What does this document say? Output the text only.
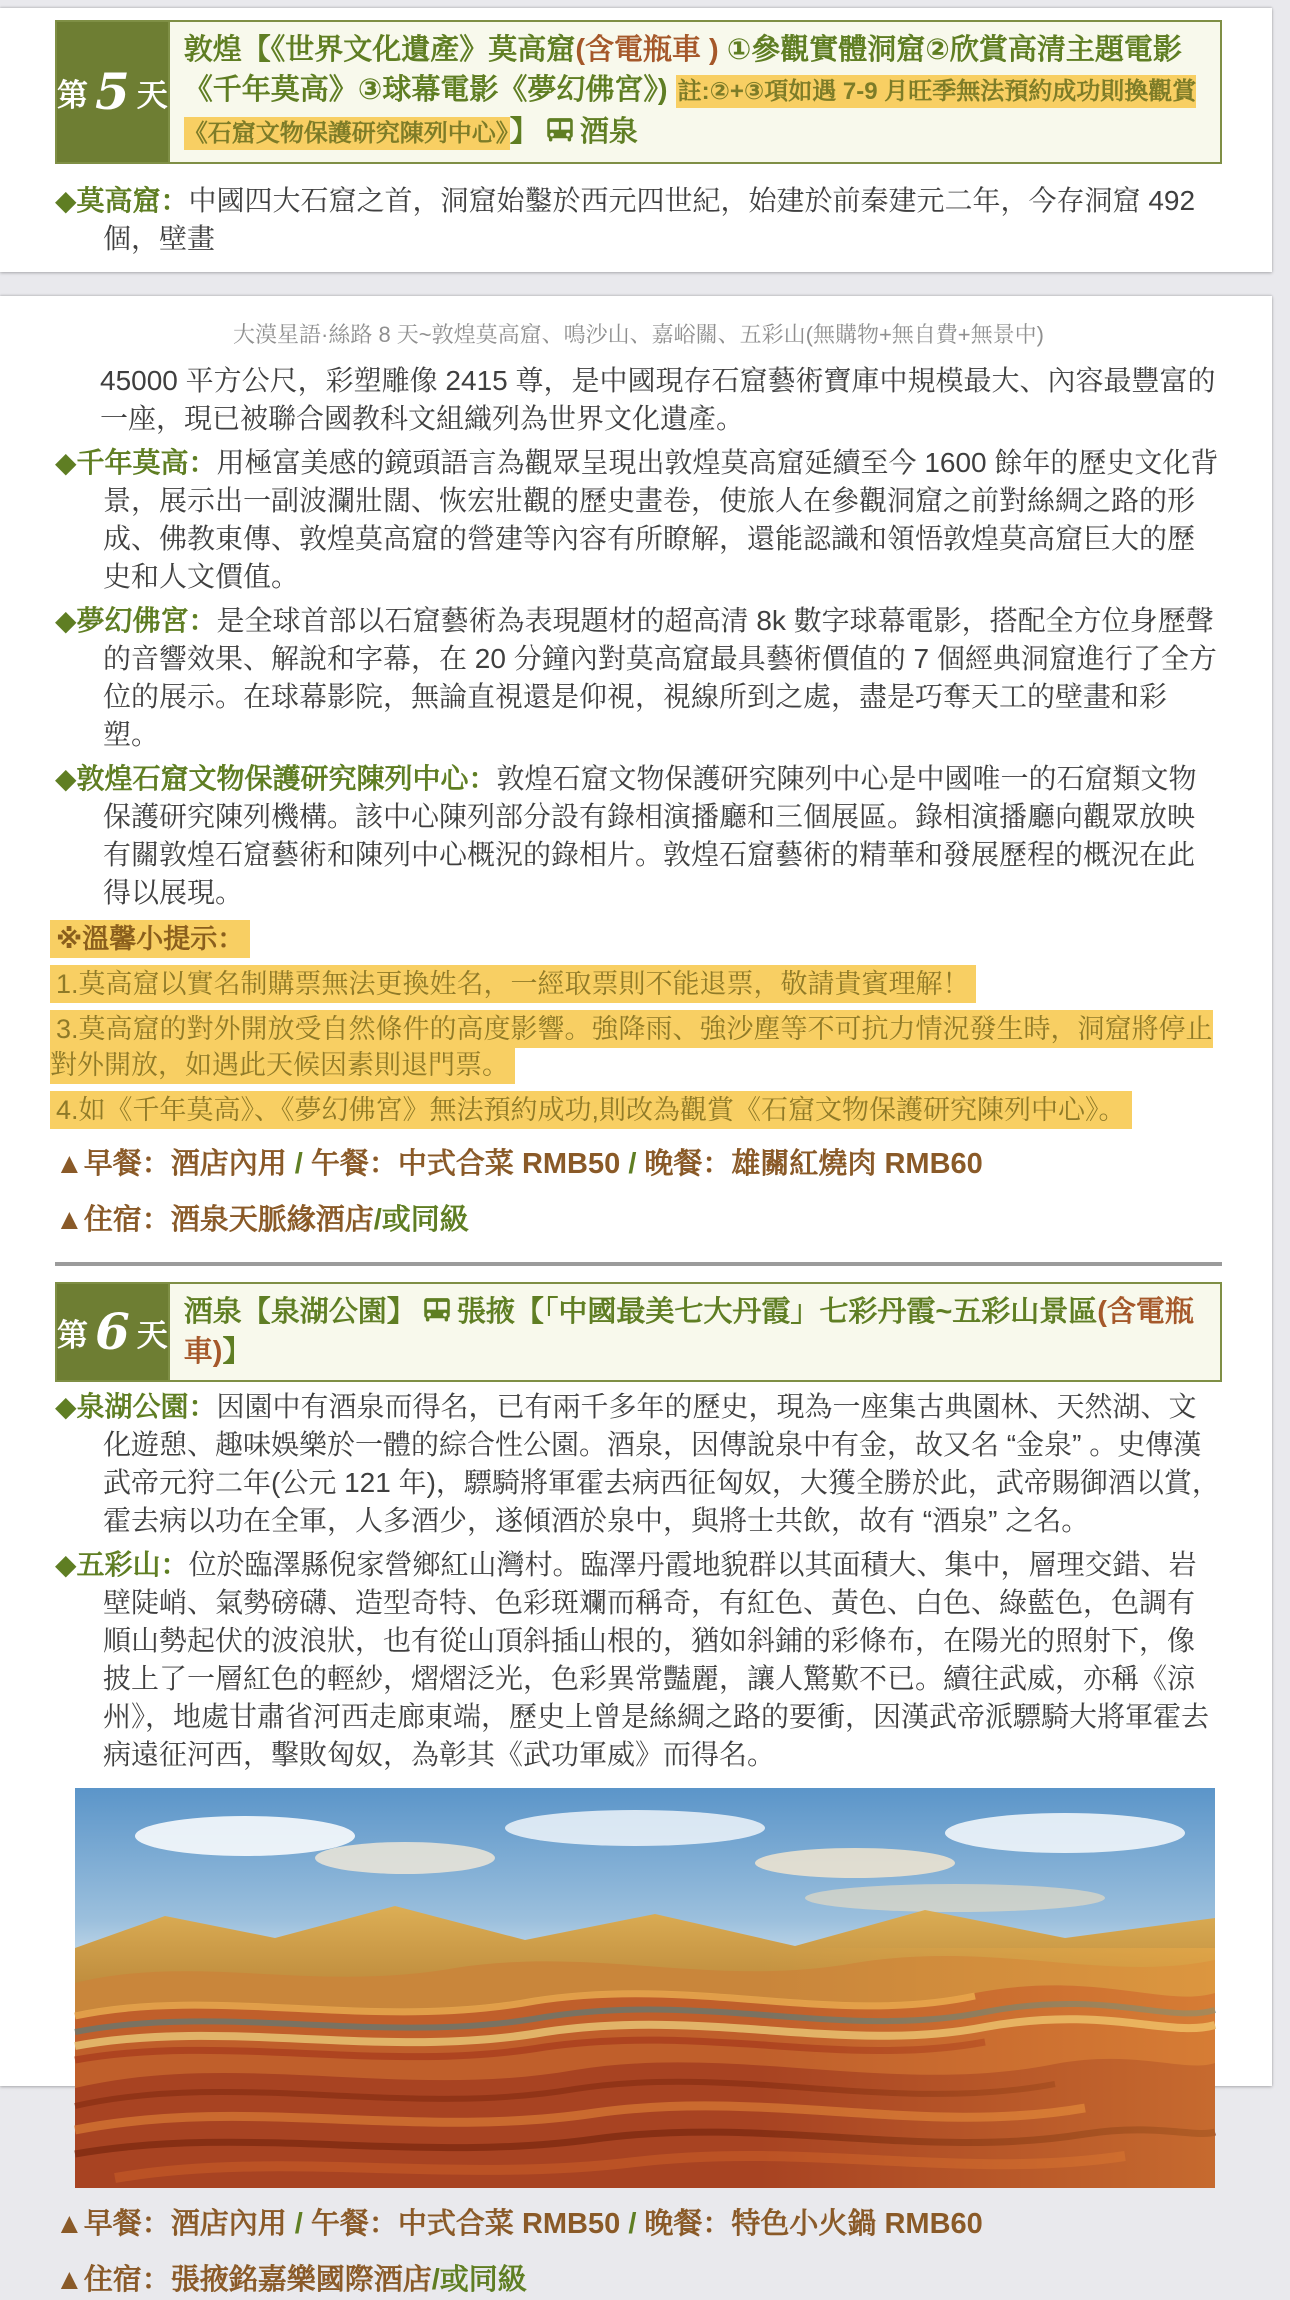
第 5 天
敦煌【《世界文化遺產》莫高窟(含電瓶車 ) ①參觀實體洞窟②欣賞高清主題電影《千年莫高》③球幕電影《夢幻佛宮》) 註:②+③項如遇 7-9 月旺季無法預約成功則換觀賞《石窟文物保護研究陳列中心》】 酒泉

◆莫高窟：中國四大石窟之首，洞窟始鑿於西元四世紀，始建於前秦建元二年，今存洞窟 492 個，壁畫

大漠星語·絲路 8 天~敦煌莫高窟、鳴沙山、嘉峪關、五彩山(無購物+無自費+無景中)

45000 平方公尺，彩塑雕像 2415 尊，是中國現存石窟藝術寶庫中規模最大、內容最豐富的一座，現已被聯合國教科文組織列為世界文化遺產。

◆千年莫高：用極富美感的鏡頭語言為觀眾呈現出敦煌莫高窟延續至今 1600 餘年的歷史文化背景，展示出一副波瀾壯闊、恢宏壯觀的歷史畫卷，使旅人在參觀洞窟之前對絲綢之路的形成、佛教東傳、敦煌莫高窟的營建等內容有所瞭解，還能認識和領悟敦煌莫高窟巨大的歷史和人文價值。

◆夢幻佛宮：是全球首部以石窟藝術為表現題材的超高清 8k 數字球幕電影，搭配全方位身歷聲的音響效果、解說和字幕，在 20 分鐘內對莫高窟最具藝術價值的 7 個經典洞窟進行了全方位的展示。在球幕影院，無論直視還是仰視，視線所到之處，盡是巧奪天工的壁畫和彩塑。

◆敦煌石窟文物保護研究陳列中心：敦煌石窟文物保護研究陳列中心是中國唯一的石窟類文物保護研究陳列機構。該中心陳列部分設有錄相演播廳和三個展區。錄相演播廳向觀眾放映有關敦煌石窟藝術和陳列中心概況的錄相片。敦煌石窟藝術的精華和發展歷程的概況在此得以展現。

※溫馨小提示：
1.莫高窟以實名制購票無法更換姓名，一經取票則不能退票，敬請貴賓理解！
3.莫高窟的對外開放受自然條件的高度影響。強降雨、強沙塵等不可抗力情況發生時，洞窟將停止對外開放，如遇此天候因素則退門票。
4.如《千年莫高》、《夢幻佛宮》無法預約成功,則改為觀賞《石窟文物保護研究陳列中心》。

▲早餐：酒店內用 / 午餐：中式合菜 RMB50 / 晚餐：雄關紅燒肉 RMB60

▲住宿：酒泉天脈緣酒店/或同級

第 6 天
酒泉【泉湖公園】 張掖【「中國最美七大丹霞」七彩丹霞~五彩山景區(含電瓶車)】

◆泉湖公園：因園中有酒泉而得名，已有兩千多年的歷史，現為一座集古典園林、天然湖、文化遊憩、趣味娛樂於一體的綜合性公園。酒泉，因傳說泉中有金，故又名 “金泉” 。史傳漢武帝元狩二年(公元 121 年)，驃騎將軍霍去病西征匈奴，大獲全勝於此，武帝賜御酒以賞，霍去病以功在全軍，人多酒少，遂傾酒於泉中，與將士共飲，故有 “酒泉” 之名。

◆五彩山：位於臨澤縣倪家營鄉紅山灣村。臨澤丹霞地貌群以其面積大、集中，層理交錯、岩壁陡峭、氣勢磅礴、造型奇特、色彩斑斕而稱奇，有紅色、黃色、白色、綠藍色，色調有順山勢起伏的波浪狀，也有從山頂斜插山根的，猶如斜鋪的彩條布，在陽光的照射下，像披上了一層紅色的輕紗，熠熠泛光，色彩異常豔麗，讓人驚歎不已。續往武威，亦稱《涼州》，地處甘肅省河西走廊東端，歷史上曾是絲綢之路的要衝，因漢武帝派驃騎大將軍霍去病遠征河西，擊敗匈奴，為彰其《武功軍威》而得名。

▲早餐：酒店內用 / 午餐：中式合菜 RMB50 / 晚餐：特色小火鍋 RMB60

▲住宿：張掖銘嘉樂國際酒店/或同級
